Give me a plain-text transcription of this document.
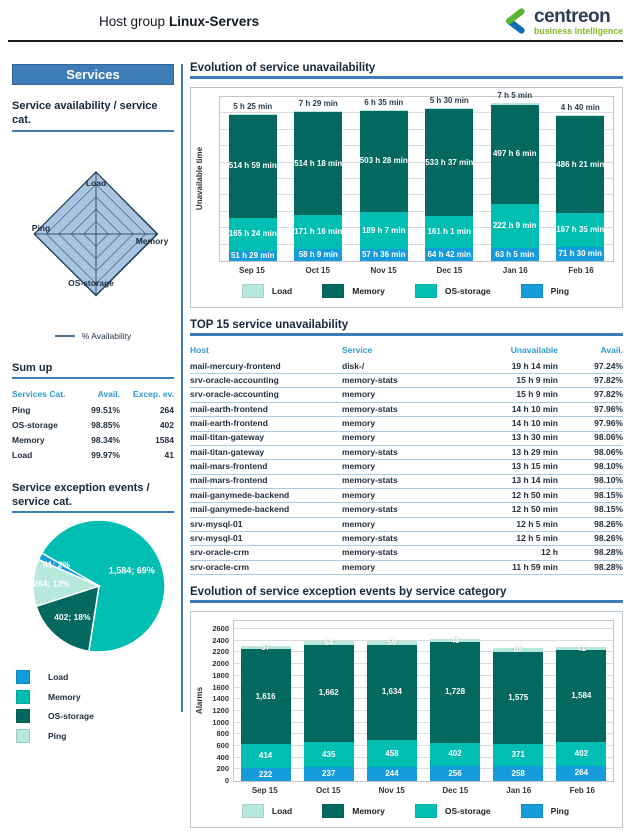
Host group Linux-Servers	centreon
business intelligence
Services
Service availability / service cat.
Load
Memory
OS-storage
Ping
% Availability
Sum up
Services Cat.	Avail.	Excep. ev.
Ping	99.51%	264
OS-storage	98.85%	402
Memory	98.34%	1584
Load	99.97%	41
Service exception events / service cat.
1,584; 69%
402; 18%
264; 12%
41; 2%
Load
Memory
OS-storage
Ping
Evolution of service unavailability
Unavailable time
51 h 29 min
165 h 24 min
514 h 59 min
5 h 25 min
58 h 9 min
171 h 16 min
514 h 18 min
7 h 29 min
57 h 36 min
189 h 7 min
503 h 28 min
6 h 35 min
64 h 42 min
161 h 1 min
533 h 37 min
5 h 30 min
63 h 5 min
222 h 9 min
497 h 6 min
7 h 5 min
71 h 30 min
167 h 35 min
486 h 21 min
4 h 40 min
Sep 15	Oct 15	Nov 15	Dec 15	Jan 16	Feb 16
Load	Memory	OS-storage	Ping
TOP 15 service unavailability
Host	Service	Unavailable	Avail.
mail-mercury-frontend	disk-/	19 h 14 min	97.24%
srv-oracle-accounting	memory-stats	15 h 9 min	97.82%
srv-oracle-accounting	memory	15 h 9 min	97.82%
mail-earth-frontend	memory-stats	14 h 10 min	97.96%
mail-earth-frontend	memory	14 h 10 min	97.96%
mail-titan-gateway	memory	13 h 30 min	98.06%
mail-titan-gateway	memory-stats	13 h 29 min	98.06%
mail-mars-frontend	memory	13 h 15 min	98.10%
mail-mars-frontend	memory-stats	13 h 14 min	98.10%
mail-ganymede-backend	memory	12 h 50 min	98.15%
mail-ganymede-backend	memory-stats	12 h 50 min	98.15%
srv-mysql-01	memory	12 h 5 min	98.26%
srv-mysql-01	memory-stats	12 h 5 min	98.26%
srv-oracle-crm	memory-stats	12 h	98.28%
srv-oracle-crm	memory	11 h 59 min	98.28%
Evolution of service exception events by service category
Alarms
0
200
400
600
800
1000
1200
1400
1600
1800
2000
2200
2400
2600
222
414
1,616
57
237
435
1,662
64
244
458
1,634
59
256
402
1,728
48
258
371
1,575
65
264
402
1,584
41
Sep 15	Oct 15	Nov 15	Dec 15	Jan 16	Feb 16
Load	Memory	OS-storage	Ping
